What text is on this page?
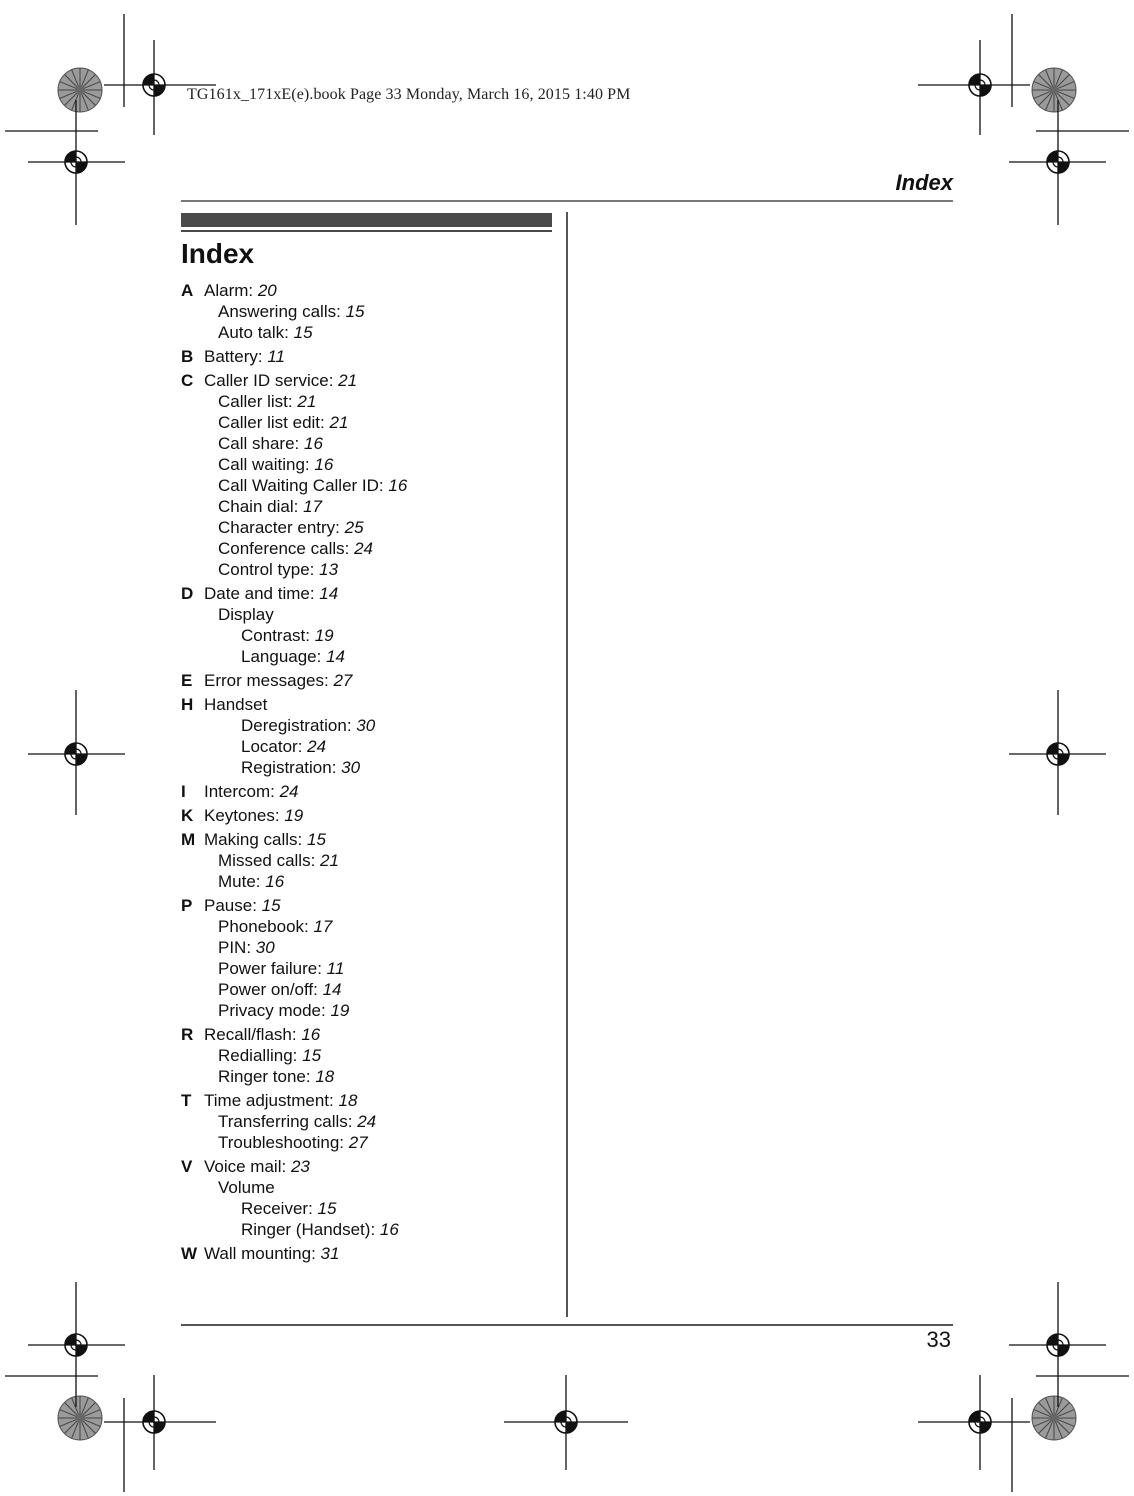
TG161x_171xE(e).book Page 33 Monday, March 16, 2015 1:40 PM
Index
Index
A Alarm: 20
Answering calls: 15
Auto talk: 15
B Battery: 11
C Caller ID service: 21
Caller list: 21
Caller list edit: 21
Call share: 16
Call waiting: 16
Call Waiting Caller ID: 16
Chain dial: 17
Character entry: 25
Conference calls: 24
Control type: 13
D Date and time: 14
Display
Contrast: 19
Language: 14
E Error messages: 27
H Handset
Deregistration: 30
Locator: 24
Registration: 30
I Intercom: 24
K Keytones: 19
M Making calls: 15
Missed calls: 21
Mute: 16
P Pause: 15
Phonebook: 17
PIN: 30
Power failure: 11
Power on/off: 14
Privacy mode: 19
R Recall/flash: 16
Redialling: 15
Ringer tone: 18
T Time adjustment: 18
Transferring calls: 24
Troubleshooting: 27
V Voice mail: 23
Volume
Receiver: 15
Ringer (Handset): 16
W Wall mounting: 31
33
